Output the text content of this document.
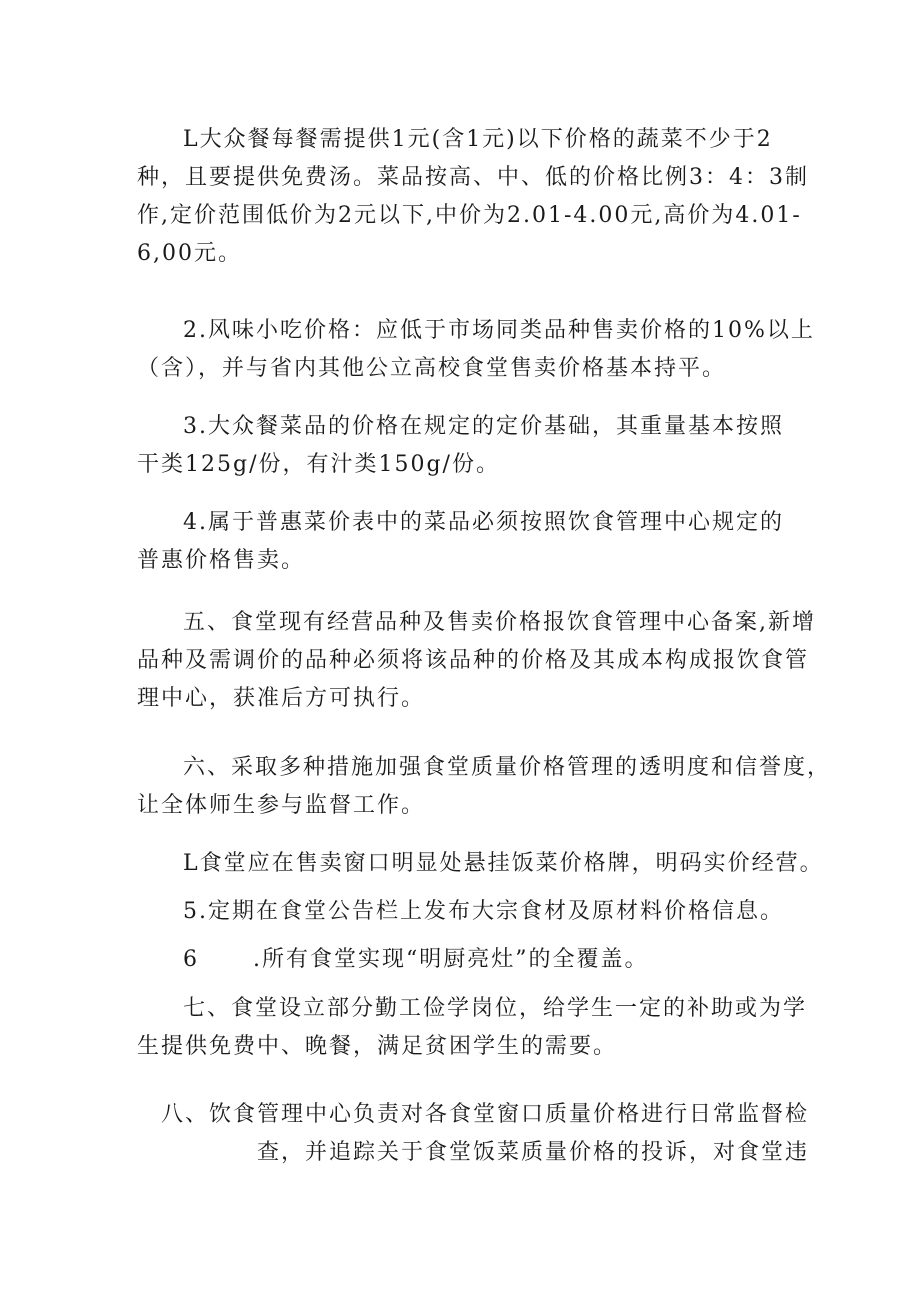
L大众餐每餐需提供1元(含1元)以下价格的蔬菜不少于2
种，且要提供免费汤。菜品按高、中、低的价格比例3：4：3制
作,定价范围低价为2元以下,中价为2.01-4.00元,高价为4.01-
6,00元。
2.风味小吃价格：应低于市场同类品种售卖价格的10%以上
（含），并与省内其他公立高校食堂售卖价格基本持平。
3.大众餐菜品的价格在规定的定价基础，其重量基本按照
干类125g/份，有汁类150g/份。
4.属于普惠菜价表中的菜品必须按照饮食管理中心规定的
普惠价格售卖。
五、食堂现有经营品种及售卖价格报饮食管理中心备案,新增
品种及需调价的品种必须将该品种的价格及其成本构成报饮食管
理中心，获准后方可执行。
六、采取多种措施加强食堂质量价格管理的透明度和信誉度，
让全体师生参与监督工作。
L食堂应在售卖窗口明显处悬挂饭菜价格牌，明码实价经营。
5.定期在食堂公告栏上发布大宗食材及原材料价格信息。
6      .所有食堂实现“明厨亮灶”的全覆盖。
七、食堂设立部分勤工俭学岗位，给学生一定的补助或为学
生提供免费中、晚餐，满足贫困学生的需要。
八、饮食管理中心负责对各食堂窗口质量价格进行日常监督检
查，并追踪关于食堂饭菜质量价格的投诉，对食堂违
